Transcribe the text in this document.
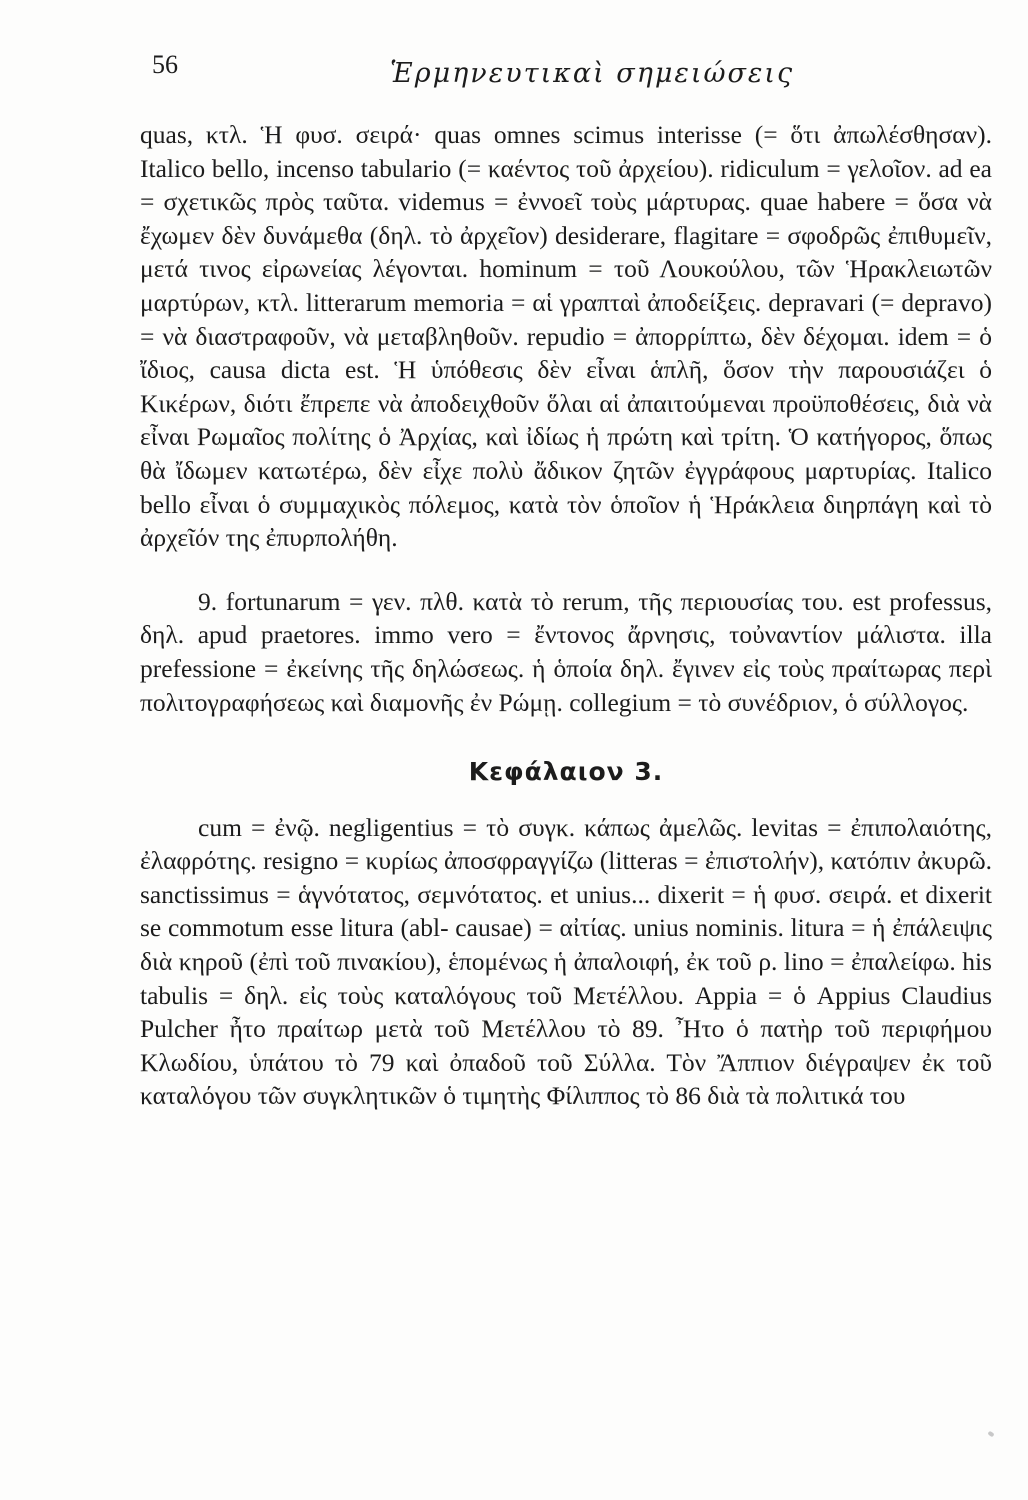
56	Ἑρμηνευτικαὶ σημειώσεις

quas, κτλ. Ἡ φυσ. σειρά· quas omnes scimus interisse (= ὅτι ἀπωλέσθησαν). Italico bello, incenso tabulario (= καέντος τοῦ ἀρχείου). ridiculum = γελοῖον. ad ea = σχετικῶς πρὸς ταῦτα. videmus = ἐννοεῖ τοὺς μάρτυρας. quae habere = ὅσα νὰ ἔχωμεν δὲν δυνάμεθα (δηλ. τὸ ἀρχεῖον) desiderare, flagitare = σφοδρῶς ἐπιθυμεῖν, μετά τινος εἰρωνείας λέγονται. hominum = τοῦ Λουκούλου, τῶν Ἡρακλειωτῶν μαρτύρων, κτλ. litterarum memoria = αἱ γραπταὶ ἀποδείξεις. depravari (= depravo) = νὰ διαστραφοῦν, νὰ μεταβληθοῦν. repudio = ἀπορρίπτω, δὲν δέχομαι. idem = ὁ ἴδιος, causa dicta est. Ἡ ὑπόθεσις δὲν εἶναι ἁπλῆ, ὅσον τὴν παρουσιάζει ὁ Κικέρων, διότι ἔπρεπε νὰ ἀποδειχθοῦν ὅλαι αἱ ἀπαιτούμεναι προϋποθέσεις, διὰ νὰ εἶναι Ρωμαῖος πολίτης ὁ Ἀρχίας, καὶ ἰδίως ἡ πρώτη καὶ τρίτη. Ὁ κατήγορος, ὅπως θὰ ἴδωμεν κατωτέρω, δὲν εἶχε πολὺ ἄδικον ζητῶν ἐγγράφους μαρτυρίας. Italico bello εἶναι ὁ συμμαχικὸς πόλεμος, κατὰ τὸν ὁποῖον ἡ Ἡράκλεια διηρπάγη καὶ τὸ ἀρχεῖόν της ἐπυρπολήθη.

9. fortunarum = γεν. πλθ. κατὰ τὸ rerum, τῆς περιουσίας του. est professus, δηλ. apud praetores. immo vero = ἔντονος ἄρνησις, τοὐναντίον μάλιστα. illa prefessione = ἐκείνης τῆς δηλώσεως. ἡ ὁποία δηλ. ἔγινεν εἰς τοὺς πραίτωρας περὶ πολιτογραφήσεως καὶ διαμονῆς ἐν Ρώμῃ. collegium = τὸ συνέδριον, ὁ σύλλογος.

Κεφάλαιον 3.

cum = ἐνῷ. negligentius = τὸ συγκ. κάπως ἀμελῶς. levitas = ἐπιπολαιότης, ἐλαφρότης. resigno = κυρίως ἀποσφραγγίζω (litteras = ἐπιστολήν), κατόπιν ἀκυρῶ. sanctissimus = ἁγνότατος, σεμνότατος. et unius... dixerit = ἡ φυσ. σειρά. et dixerit se commotum esse litura (abl- causae) = αἰτίας. unius nominis. litura = ἡ ἐπάλειψις διὰ κηροῦ (ἐπὶ τοῦ πινακίου), ἑπομένως ἡ ἀπαλοιφή, ἐκ τοῦ ρ. lino = ἐπαλείφω. his tabulis = δηλ. εἰς τοὺς καταλόγους τοῦ Μετέλλου. Appia = ὁ Appius Claudius Pulcher ἦτο πραίτωρ μετὰ τοῦ Μετέλλου τὸ 89. Ἦτο ὁ πατὴρ τοῦ περιφήμου Κλωδίου, ὑπάτου τὸ 79 καὶ ὀπαδοῦ τοῦ Σύλλα. Τὸν Ἄππιον διέγραψεν ἐκ τοῦ καταλόγου τῶν συγκλητικῶν ὁ τιμητὴς Φίλιππος τὸ 86 διὰ τὰ πολιτικά του
